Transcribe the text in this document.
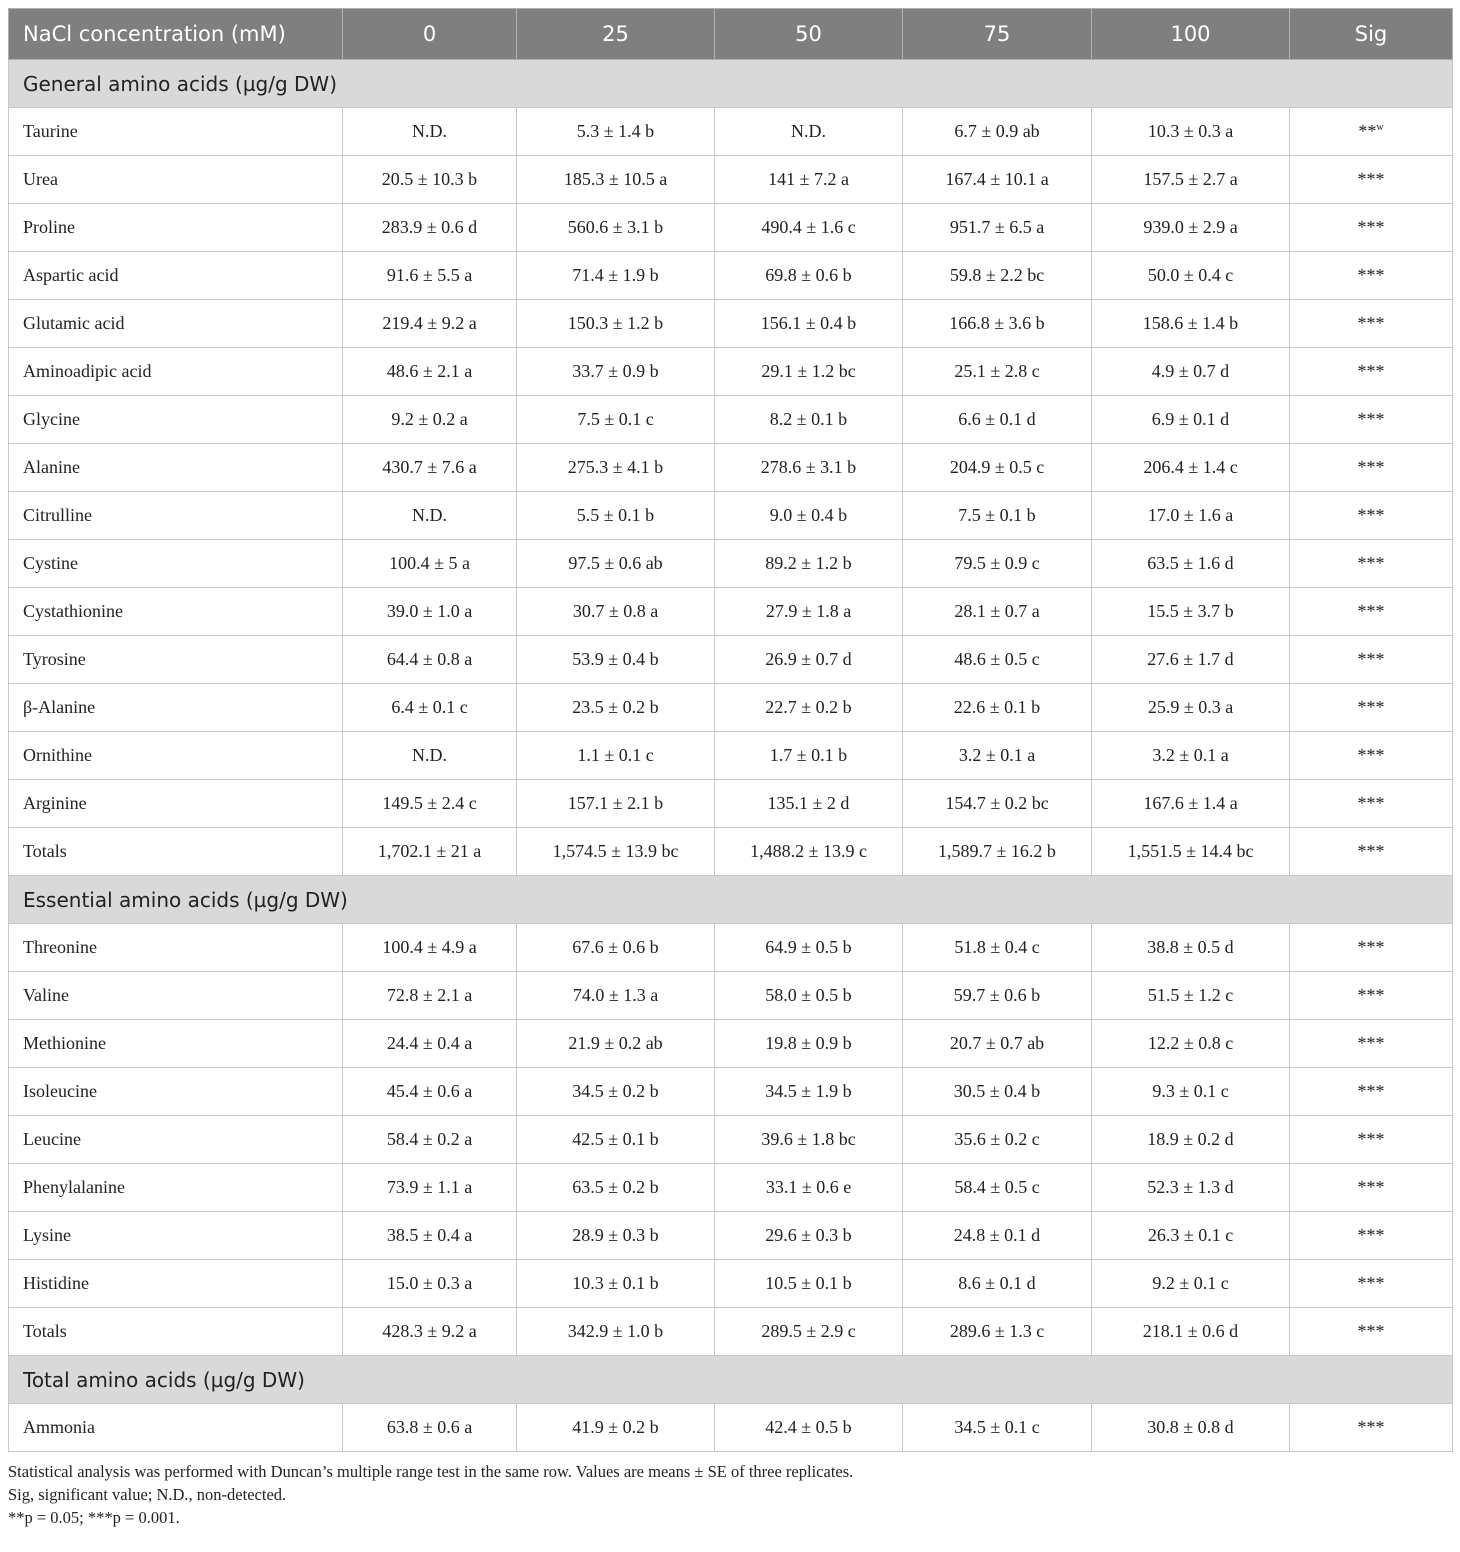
NaCl concentration (mM)	0	25	50	75	100	Sig
General amino acids (µg/g DW)						
Taurine	N.D.	5.3 ± 1.4 b	N.D.	6.7 ± 0.9 ab	10.3 ± 0.3 a	**$^w$
Urea	20.5 ± 10.3 b	185.3 ± 10.5 a	141 ± 7.2 a	167.4 ± 10.1 a	157.5 ± 2.7 a	***
Proline	283.9 ± 0.6 d	560.6 ± 3.1 b	490.4 ± 1.6 c	951.7 ± 6.5 a	939.0 ± 2.9 a	***
Aspartic acid	91.6 ± 5.5 a	71.4 ± 1.9 b	69.8 ± 0.6 b	59.8 ± 2.2 bc	50.0 ± 0.4 c	***
Glutamic acid	219.4 ± 9.2 a	150.3 ± 1.2 b	156.1 ± 0.4 b	166.8 ± 3.6 b	158.6 ± 1.4 b	***
Aminoadipic acid	48.6 ± 2.1 a	33.7 ± 0.9 b	29.1 ± 1.2 bc	25.1 ± 2.8 c	4.9 ± 0.7 d	***
Glycine	9.2 ± 0.2 a	7.5 ± 0.1 c	8.2 ± 0.1 b	6.6 ± 0.1 d	6.9 ± 0.1 d	***
Alanine	430.7 ± 7.6 a	275.3 ± 4.1 b	278.6 ± 3.1 b	204.9 ± 0.5 c	206.4 ± 1.4 c	***
Citrulline	N.D.	5.5 ± 0.1 b	9.0 ± 0.4 b	7.5 ± 0.1 b	17.0 ± 1.6 a	***
Cystine	100.4 ± 5 a	97.5 ± 0.6 ab	89.2 ± 1.2 b	79.5 ± 0.9 c	63.5 ± 1.6 d	***
Cystathionine	39.0 ± 1.0 a	30.7 ± 0.8 a	27.9 ± 1.8 a	28.1 ± 0.7 a	15.5 ± 3.7 b	***
Tyrosine	64.4 ± 0.8 a	53.9 ± 0.4 b	26.9 ± 0.7 d	48.6 ± 0.5 c	27.6 ± 1.7 d	***
β-Alanine	6.4 ± 0.1 c	23.5 ± 0.2 b	22.7 ± 0.2 b	22.6 ± 0.1 b	25.9 ± 0.3 a	***
Ornithine	N.D.	1.1 ± 0.1 c	1.7 ± 0.1 b	3.2 ± 0.1 a	3.2 ± 0.1 a	***
Arginine	149.5 ± 2.4 c	157.1 ± 2.1 b	135.1 ± 2 d	154.7 ± 0.2 bc	167.6 ± 1.4 a	***
Totals	1,702.1 ± 21 a	1,574.5 ± 13.9 bc	1,488.2 ± 13.9 c	1,589.7 ± 16.2 b	1,551.5 ± 14.4 bc	***
Essential amino acids (µg/g DW)						
Threonine	100.4 ± 4.9 a	67.6 ± 0.6 b	64.9 ± 0.5 b	51.8 ± 0.4 c	38.8 ± 0.5 d	***
Valine	72.8 ± 2.1 a	74.0 ± 1.3 a	58.0 ± 0.5 b	59.7 ± 0.6 b	51.5 ± 1.2 c	***
Methionine	24.4 ± 0.4 a	21.9 ± 0.2 ab	19.8 ± 0.9 b	20.7 ± 0.7 ab	12.2 ± 0.8 c	***
Isoleucine	45.4 ± 0.6 a	34.5 ± 0.2 b	34.5 ± 1.9 b	30.5 ± 0.4 b	9.3 ± 0.1 c	***
Leucine	58.4 ± 0.2 a	42.5 ± 0.1 b	39.6 ± 1.8 bc	35.6 ± 0.2 c	18.9 ± 0.2 d	***
Phenylalanine	73.9 ± 1.1 a	63.5 ± 0.2 b	33.1 ± 0.6 e	58.4 ± 0.5 c	52.3 ± 1.3 d	***
Lysine	38.5 ± 0.4 a	28.9 ± 0.3 b	29.6 ± 0.3 b	24.8 ± 0.1 d	26.3 ± 0.1 c	***
Histidine	15.0 ± 0.3 a	10.3 ± 0.1 b	10.5 ± 0.1 b	8.6 ± 0.1 d	9.2 ± 0.1 c	***
Totals	428.3 ± 9.2 a	342.9 ± 1.0 b	289.5 ± 2.9 c	289.6 ± 1.3 c	218.1 ± 0.6 d	***
Total amino acids (µg/g DW)						
Ammonia	63.8 ± 0.6 a	41.9 ± 0.2 b	42.4 ± 0.5 b	34.5 ± 0.1 c	30.8 ± 0.8 d	***
Statistical analysis was performed with Duncan’s multiple range test in the same row. Values are means ± SE of three replicates.
Sig, significant value; N.D., non-detected.
**p = 0.05; ***p = 0.001.
